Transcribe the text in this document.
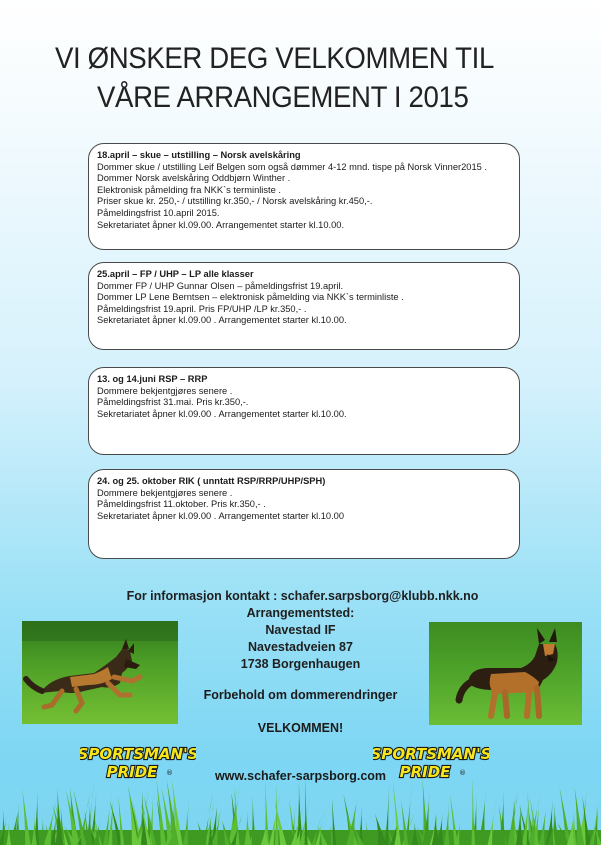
VI ØNSKER DEG VELKOMMEN TIL
VÅRE ARRANGEMENT I 2015

18.april – skue – utstilling – Norsk avelskåring

Dommer skue / utstilling Leif Belgen som også dømmer 4-12 mnd. tispe på Norsk Vinner2015 .

Dommer Norsk avelskåring Oddbjørn Winther .

Elektronisk påmelding fra NKK`s terminliste .

Priser skue kr. 250,- / utstilling kr.350,- / Norsk avelskåring kr.450,-.

Påmeldingsfrist 10.april 2015.

Sekretariatet åpner kl.09.00. Arrangementet starter kl.10.00.

25.april – FP / UHP – LP alle klasser

Dommer FP / UHP Gunnar Olsen – påmeldingsfrist 19.april.

Dommer LP Lene Berntsen – elektronisk påmelding via NKK`s terminliste .

Påmeldingsfrist 19.april. Pris FP/UHP /LP kr.350,- .

Sekretariatet åpner kl.09.00 . Arrangementet starter kl.10.00.

13. og 14.juni RSP – RRP

Dommere bekjentgjøres senere .

Påmeldingsfrist 31.mai. Pris kr.350,-.

Sekretariatet åpner kl.09.00 . Arrangementet starter kl.10.00.

24. og 25. oktober RIK ( unntatt RSP/RRP/UHP/SPH)

Dommere bekjentgjøres senere .

Påmeldingsfrist 11.oktober. Pris kr.350,- .

Sekretariatet åpner kl.09.00 . Arrangementet starter kl.10.00

For informasjon kontakt : schafer.sarpsborg@klubb.nkk.no
Arrangementsted:
Navestad IF
Navestadveien 87
1738 Borgenhaugen
Forbehold om dommerendringer
VELKOMMEN!
SPORTSMAN'S
PRIDE ®
SPORTSMAN'S
PRIDE ®
www.schafer-sarpsborg.com
